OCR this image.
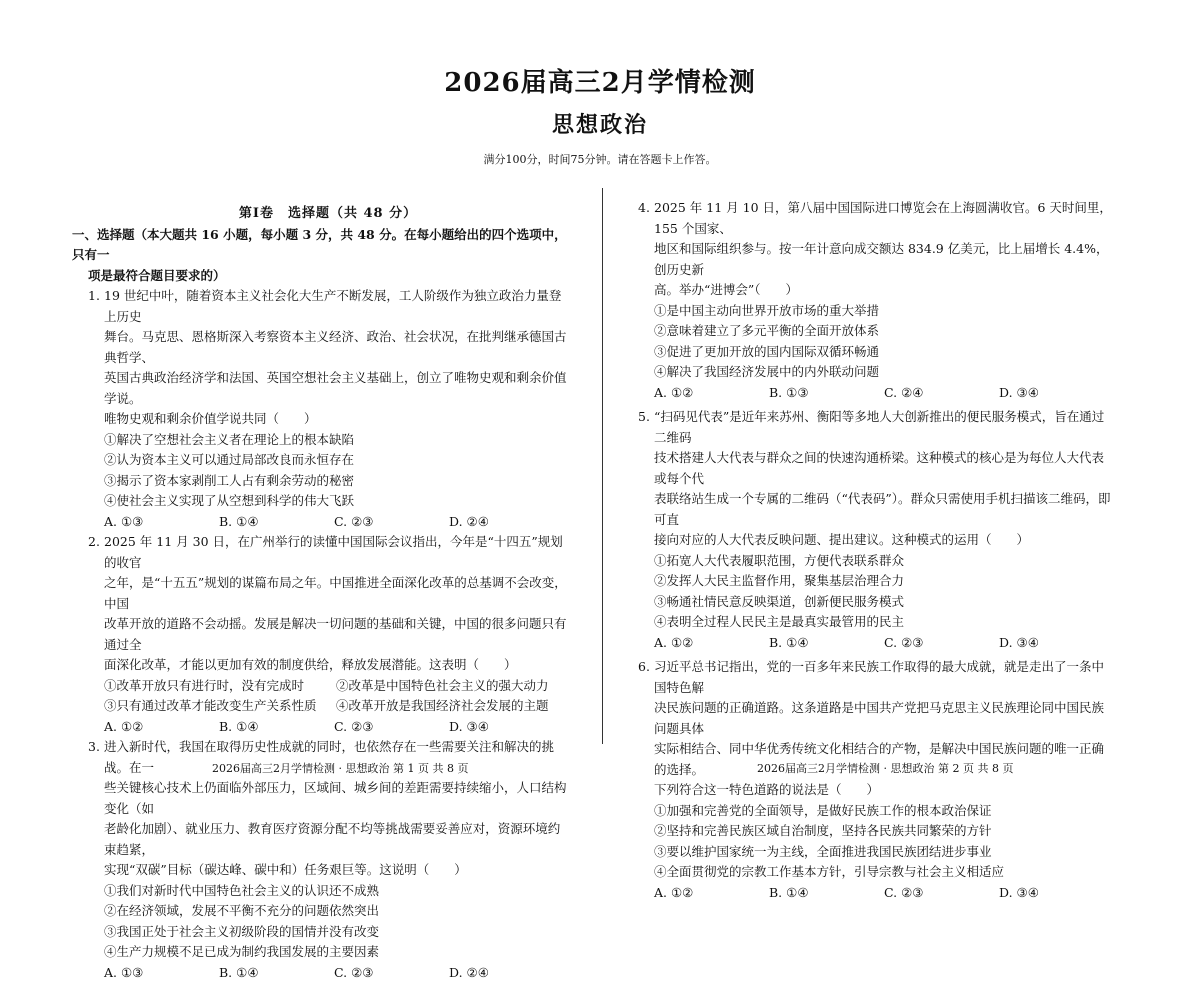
2026届高三2月学情检测
思想政治
满分100分，时间75分钟。请在答题卡上作答。
第Ⅰ卷　选择题（共 48 分）
一、选择题（本大题共 16 小题，每小题 3 分，共 48 分。在每小题给出的四个选项中，只有一
项是最符合题目要求的）
1. 19 世纪中叶，随着资本主义社会化大生产不断发展，工人阶级作为独立政治力量登上历史
舞台。马克思、恩格斯深入考察资本主义经济、政治、社会状况，在批判继承德国古典哲学、
英国古典政治经济学和法国、英国空想社会主义基础上，创立了唯物史观和剩余价值学说。
唯物史观和剩余价值学说共同（　　）
①解决了空想社会主义者在理论上的根本缺陷
②认为资本主义可以通过局部改良而永恒存在
③揭示了资本家剥削工人占有剩余劳动的秘密
④使社会主义实现了从空想到科学的伟大飞跃
A. ①③	B. ①④	C. ②③	D. ②④
2. 2025 年 11 月 30 日，在广州举行的读懂中国国际会议指出，今年是“十四五”规划的收官
之年，是“十五五”规划的谋篇布局之年。中国推进全面深化改革的总基调不会改变，中国
改革开放的道路不会动摇。发展是解决一切问题的基础和关键，中国的很多问题只有通过全
面深化改革，才能以更加有效的制度供给，释放发展潜能。这表明（　　）
①改革开放只有进行时，没有完成时	②改革是中国特色社会主义的强大动力
③只有通过改革才能改变生产关系性质	④改革开放是我国经济社会发展的主题
A. ①②	B. ①④	C. ②③	D. ③④
3. 进入新时代，我国在取得历史性成就的同时，也依然存在一些需要关注和解决的挑战。在一
些关键核心技术上仍面临外部压力，区域间、城乡间的差距需要持续缩小，人口结构变化（如
老龄化加剧）、就业压力、教育医疗资源分配不均等挑战需要妥善应对，资源环境约束趋紧，
实现“双碳”目标（碳达峰、碳中和）任务艰巨等。这说明（　　）
①我们对新时代中国特色社会主义的认识还不成熟
②在经济领域，发展不平衡不充分的问题依然突出
③我国正处于社会主义初级阶段的国情并没有改变
④生产力规模不足已成为制约我国发展的主要因素
A. ①③	B. ①④	C. ②③	D. ②④
4. 2025 年 11 月 10 日，第八届中国国际进口博览会在上海圆满收官。6 天时间里，155 个国家、
地区和国际组织参与。按一年计意向成交额达 834.9 亿美元，比上届增长 4.4%，创历史新
高。举办“进博会”（　　）
①是中国主动向世界开放市场的重大举措
②意味着建立了多元平衡的全面开放体系
③促进了更加开放的国内国际双循环畅通
④解决了我国经济发展中的内外联动问题
A. ①②	B. ①③	C. ②④	D. ③④
5. “扫码见代表”是近年来苏州、衡阳等多地人大创新推出的便民服务模式，旨在通过二维码
技术搭建人大代表与群众之间的快速沟通桥梁。这种模式的核心是为每位人大代表或每个代
表联络站生成一个专属的二维码（“代表码”）。群众只需使用手机扫描该二维码，即可直
接向对应的人大代表反映问题、提出建议。这种模式的运用（　　）
①拓宽人大代表履职范围，方便代表联系群众
②发挥人大民主监督作用，聚集基层治理合力
③畅通社情民意反映渠道，创新便民服务模式
④表明全过程人民民主是最真实最管用的民主
A. ①②	B. ①④	C. ②③	D. ③④
6. 习近平总书记指出，党的一百多年来民族工作取得的最大成就，就是走出了一条中国特色解
决民族问题的正确道路。这条道路是中国共产党把马克思主义民族理论同中国民族问题具体
实际相结合、同中华优秀传统文化相结合的产物，是解决中国民族问题的唯一正确的选择。
下列符合这一特色道路的说法是（　　）
①加强和完善党的全面领导，是做好民族工作的根本政治保证
②坚持和完善民族区域自治制度，坚持各民族共同繁荣的方针
③要以维护国家统一为主线，全面推进我国民族团结进步事业
④全面贯彻党的宗教工作基本方针，引导宗教与社会主义相适应
A. ①②	B. ①④	C. ②③	D. ③④
2026届高三2月学情检测 · 思想政治 第 1 页 共 8 页	2026届高三2月学情检测 · 思想政治 第 2 页 共 8 页
